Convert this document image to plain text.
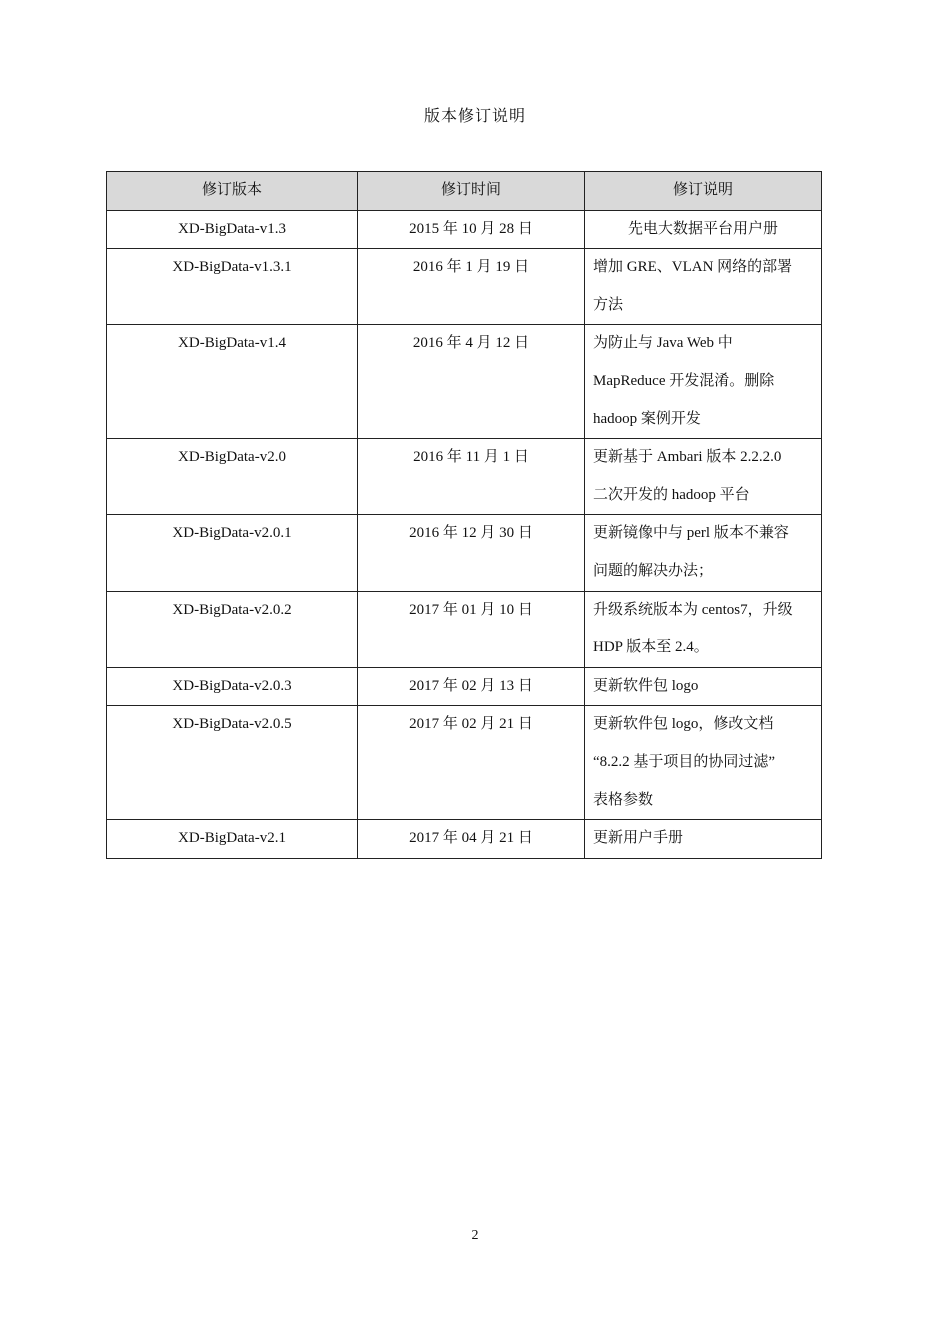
版本修订说明
修订版本	修订时间	修订说明
XD-BigData-v1.3	2015 年 10 月 28 日	先电大数据平台用户册
XD-BigData-v1.3.1	2016 年 1 月 19 日	增加 GRE、VLAN 网络的部署
方法
XD-BigData-v1.4	2016 年 4 月 12 日	为防止与 Java Web 中
MapReduce 开发混淆。删除
hadoop 案例开发
XD-BigData-v2.0	2016 年 11 月 1 日	更新基于 Ambari 版本 2.2.2.0
二次开发的 hadoop 平台
XD-BigData-v2.0.1	2016 年 12 月 30 日	更新镜像中与 perl 版本不兼容
问题的解决办法；
XD-BigData-v2.0.2	2017 年 01 月 10 日	升级系统版本为 centos7，升级
HDP 版本至 2.4。
XD-BigData-v2.0.3	2017 年 02 月 13 日	更新软件包 logo
XD-BigData-v2.0.5	2017 年 02 月 21 日	更新软件包 logo，修改文档
“8.2.2 基于项目的协同过滤”
表格参数
XD-BigData-v2.1	2017 年 04 月 21 日	更新用户手册
2
